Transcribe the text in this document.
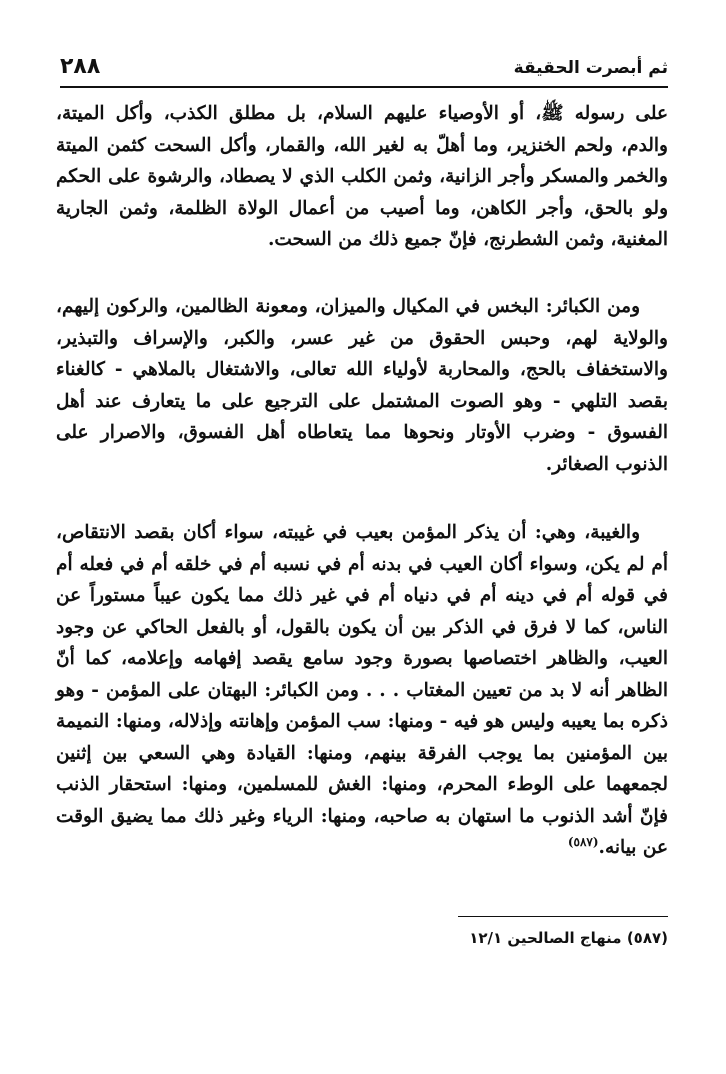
ثم أبصرت الحقيقة
٢٨٨

على رسوله ﷺ، أو الأوصياء عليهم السلام، بل مطلق الكذب، وأكل الميتة، والدم، ولحم الخنزير، وما أهلّ به لغير الله، والقمار، وأكل السحت كثمن الميتة والخمر والمسكر وأجر الزانية، وثمن الكلب الذي لا يصطاد، والرشوة على الحكم ولو بالحق، وأجر الكاهن، وما أصيب من أعمال الولاة الظلمة، وثمن الجارية المغنية، وثمن الشطرنج، فإنّ جميع ذلك من السحت.

ومن الكبائر: البخس في المكيال والميزان، ومعونة الظالمين، والركون إليهم، والولاية لهم، وحبس الحقوق من غير عسر، والكبر، والإسراف والتبذير، والاستخفاف بالحج، والمحاربة لأولياء الله تعالى، والاشتغال بالملاهي - كالغناء بقصد التلهي - وهو الصوت المشتمل على الترجيع على ما يتعارف عند أهل الفسوق - وضرب الأوتار ونحوها مما يتعاطاه أهل الفسوق، والاصرار على الذنوب الصغائر.

والغيبة، وهي: أن يذكر المؤمن بعيب في غيبته، سواء أكان بقصد الانتقاص، أم لم يكن، وسواء أكان العيب في بدنه أم في نسبه أم في خلقه أم في فعله أم في قوله أم في دينه أم في دنياه أم في غير ذلك مما يكون عيباً مستوراً عن الناس، كما لا فرق في الذكر بين أن يكون بالقول، أو بالفعل الحاكي عن وجود العيب، والظاهر اختصاصها بصورة وجود سامع يقصد إفهامه وإعلامه، كما أنّ الظاهر أنه لا بد من تعيين المغتاب . . . ومن الكبائر: البهتان على المؤمن - وهو ذكره بما يعيبه وليس هو فيه - ومنها: سب المؤمن وإهانته وإذلاله، ومنها: النميمة بين المؤمنين بما يوجب الفرقة بينهم، ومنها: القيادة وهي السعي بين إثنين لجمعهما على الوطء المحرم، ومنها: الغش للمسلمين، ومنها: استحقار الذنب فإنّ أشد الذنوب ما استهان به صاحبه، ومنها: الرياء وغير ذلك مما يضيق الوقت عن بيانه.$^{(٥٨٧)}$

(٥٨٧) منهاج الصالحين ١٢/١
